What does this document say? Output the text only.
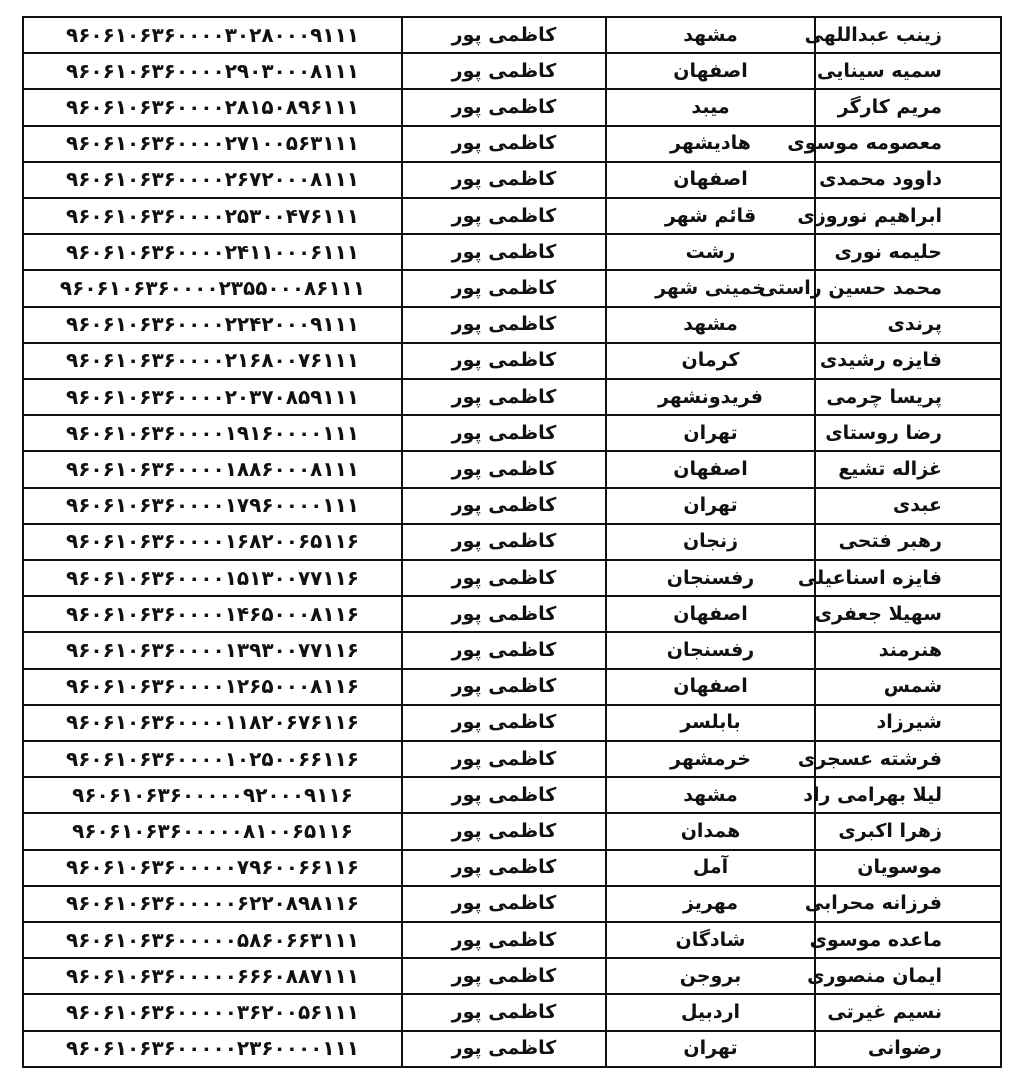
۹۶۰۶۱۰۶۳۶۰۰۰۰۳۰۲۸۰۰۰۹۱۱۱	کاظمی پور	مشهد	زینب عبداللهی
۹۶۰۶۱۰۶۳۶۰۰۰۰۲۹۰۳۰۰۰۸۱۱۱	کاظمی پور	اصفهان	سمیه سینایی
۹۶۰۶۱۰۶۳۶۰۰۰۰۲۸۱۵۰۸۹۶۱۱۱	کاظمی پور	میبد	مریم کارگر
۹۶۰۶۱۰۶۳۶۰۰۰۰۲۷۱۰۰۵۶۳۱۱۱	کاظمی پور	هادیشهر	معصومه موسوی
۹۶۰۶۱۰۶۳۶۰۰۰۰۲۶۷۲۰۰۰۸۱۱۱	کاظمی پور	اصفهان	داوود محمدی
۹۶۰۶۱۰۶۳۶۰۰۰۰۲۵۳۰۰۴۷۶۱۱۱	کاظمی پور	قائم شهر	ابراهیم نوروزی
۹۶۰۶۱۰۶۳۶۰۰۰۰۲۴۱۱۰۰۰۶۱۱۱	کاظمی پور	رشت	حلیمه نوری
۹۶۰۶۱۰۶۳۶۰۰۰۰۲۳۵۵۰۰۰۸۶۱۱۱	کاظمی پور	خمینی شهر	محمد حسین راستی
۹۶۰۶۱۰۶۳۶۰۰۰۰۲۲۴۲۰۰۰۹۱۱۱	کاظمی پور	مشهد	پرندی
۹۶۰۶۱۰۶۳۶۰۰۰۰۲۱۶۸۰۰۷۶۱۱۱	کاظمی پور	کرمان	فایزه رشیدی
۹۶۰۶۱۰۶۳۶۰۰۰۰۲۰۳۷۰۸۵۹۱۱۱	کاظمی پور	فریدونشهر	پریسا چرمی
۹۶۰۶۱۰۶۳۶۰۰۰۰۱۹۱۶۰۰۰۰۱۱۱	کاظمی پور	تهران	رضا روستای
۹۶۰۶۱۰۶۳۶۰۰۰۰۱۸۸۶۰۰۰۸۱۱۱	کاظمی پور	اصفهان	غزاله تشیع
۹۶۰۶۱۰۶۳۶۰۰۰۰۱۷۹۶۰۰۰۰۱۱۱	کاظمی پور	تهران	عبدی
۹۶۰۶۱۰۶۳۶۰۰۰۰۱۶۸۲۰۰۶۵۱۱۶	کاظمی پور	زنجان	رهبر فتحی
۹۶۰۶۱۰۶۳۶۰۰۰۰۱۵۱۳۰۰۷۷۱۱۶	کاظمی پور	رفسنجان	فایزه اسناعیلی
۹۶۰۶۱۰۶۳۶۰۰۰۰۱۴۶۵۰۰۰۸۱۱۶	کاظمی پور	اصفهان	سهیلا جعفری
۹۶۰۶۱۰۶۳۶۰۰۰۰۱۳۹۳۰۰۷۷۱۱۶	کاظمی پور	رفسنجان	هنرمند
۹۶۰۶۱۰۶۳۶۰۰۰۰۱۲۶۵۰۰۰۸۱۱۶	کاظمی پور	اصفهان	شمس
۹۶۰۶۱۰۶۳۶۰۰۰۰۱۱۸۲۰۶۷۶۱۱۶	کاظمی پور	بابلسر	شیرزاد
۹۶۰۶۱۰۶۳۶۰۰۰۰۱۰۲۵۰۰۶۶۱۱۶	کاظمی پور	خرمشهر	فرشته عسجری
۹۶۰۶۱۰۶۳۶۰۰۰۰۰۹۲۰۰۰۹۱۱۶	کاظمی پور	مشهد	لیلا بهرامی راد
۹۶۰۶۱۰۶۳۶۰۰۰۰۰۸۱۰۰۶۵۱۱۶	کاظمی پور	همدان	زهرا اکبری
۹۶۰۶۱۰۶۳۶۰۰۰۰۰۷۹۶۰۰۶۶۱۱۶	کاظمی پور	آمل	موسویان
۹۶۰۶۱۰۶۳۶۰۰۰۰۰۶۲۲۰۸۹۸۱۱۶	کاظمی پور	مهریز	فرزانه محرابی
۹۶۰۶۱۰۶۳۶۰۰۰۰۰۵۸۶۰۶۶۳۱۱۱	کاظمی پور	شادگان	ماعده موسوی
۹۶۰۶۱۰۶۳۶۰۰۰۰۰۶۶۶۰۸۸۷۱۱۱	کاظمی پور	بروجن	ایمان منصوری
۹۶۰۶۱۰۶۳۶۰۰۰۰۰۳۶۲۰۰۵۶۱۱۱	کاظمی پور	اردبیل	نسیم غیرتی
۹۶۰۶۱۰۶۳۶۰۰۰۰۰۲۳۶۰۰۰۰۱۱۱	کاظمی پور	تهران	رضوانی
